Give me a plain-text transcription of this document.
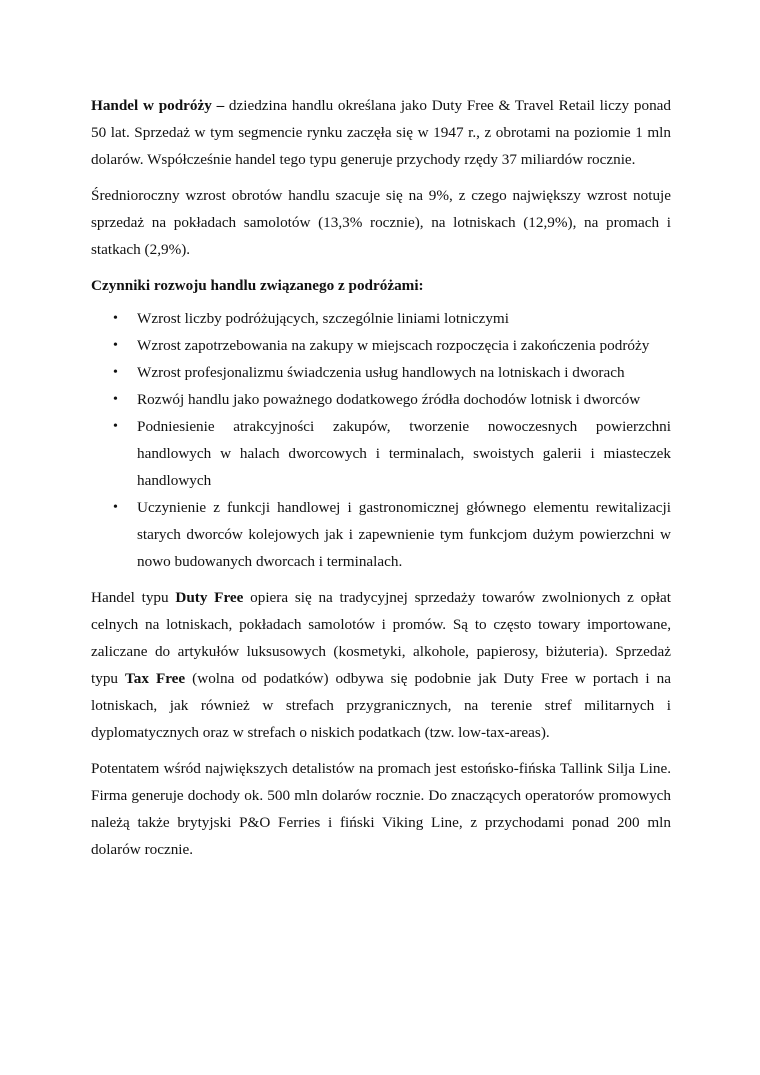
Handel w podróży – dziedzina handlu określana jako Duty Free & Travel Retail liczy ponad 50 lat. Sprzedaż w tym segmencie rynku zaczęła się w 1947 r., z obrotami na poziomie 1 mln dolarów. Współcześnie handel tego typu generuje przychody rzędy 37 miliardów rocznie.

Średnioroczny wzrost obrotów handlu szacuje się na 9%, z czego największy wzrost notuje sprzedaż na pokładach samolotów (13,3% rocznie), na lotniskach (12,9%), na promach i statkach (2,9%).

Czynniki rozwoju handlu związanego z podróżami:

• Wzrost liczby podróżujących, szczególnie liniami lotniczymi
• Wzrost zapotrzebowania na zakupy w miejscach rozpoczęcia i zakończenia podróży
• Wzrost profesjonalizmu świadczenia usług handlowych na lotniskach i dworach
• Rozwój handlu jako poważnego dodatkowego źródła dochodów lotnisk i dworców
• Podniesienie atrakcyjności zakupów, tworzenie nowoczesnych powierzchni handlowych w halach dworcowych i terminalach, swoistych galerii i miasteczek handlowych
• Uczynienie z funkcji handlowej i gastronomicznej głównego elementu rewitalizacji starych dworców kolejowych jak i zapewnienie tym funkcjom dużym powierzchni w nowo budowanych dworcach i terminalach.

Handel typu Duty Free opiera się na tradycyjnej sprzedaży towarów zwolnionych z opłat celnych na lotniskach, pokładach samolotów i promów. Są to często towary importowane, zaliczane do artykułów luksusowych (kosmetyki, alkohole, papierosy, biżuteria). Sprzedaż typu Tax Free (wolna od podatków) odbywa się podobnie jak Duty Free w portach i na lotniskach, jak również w strefach przygranicznych, na terenie stref militarnych i dyplomatycznych oraz w strefach o niskich podatkach (tzw. low-tax-areas).

Potentatem wśród największych detalistów na promach jest estońsko-fińska Tallink Silja Line. Firma generuje dochody ok. 500 mln dolarów rocznie. Do znaczących operatorów promowych należą także brytyjski P&O Ferries i fiński Viking Line, z przychodami ponad 200 mln dolarów rocznie.
